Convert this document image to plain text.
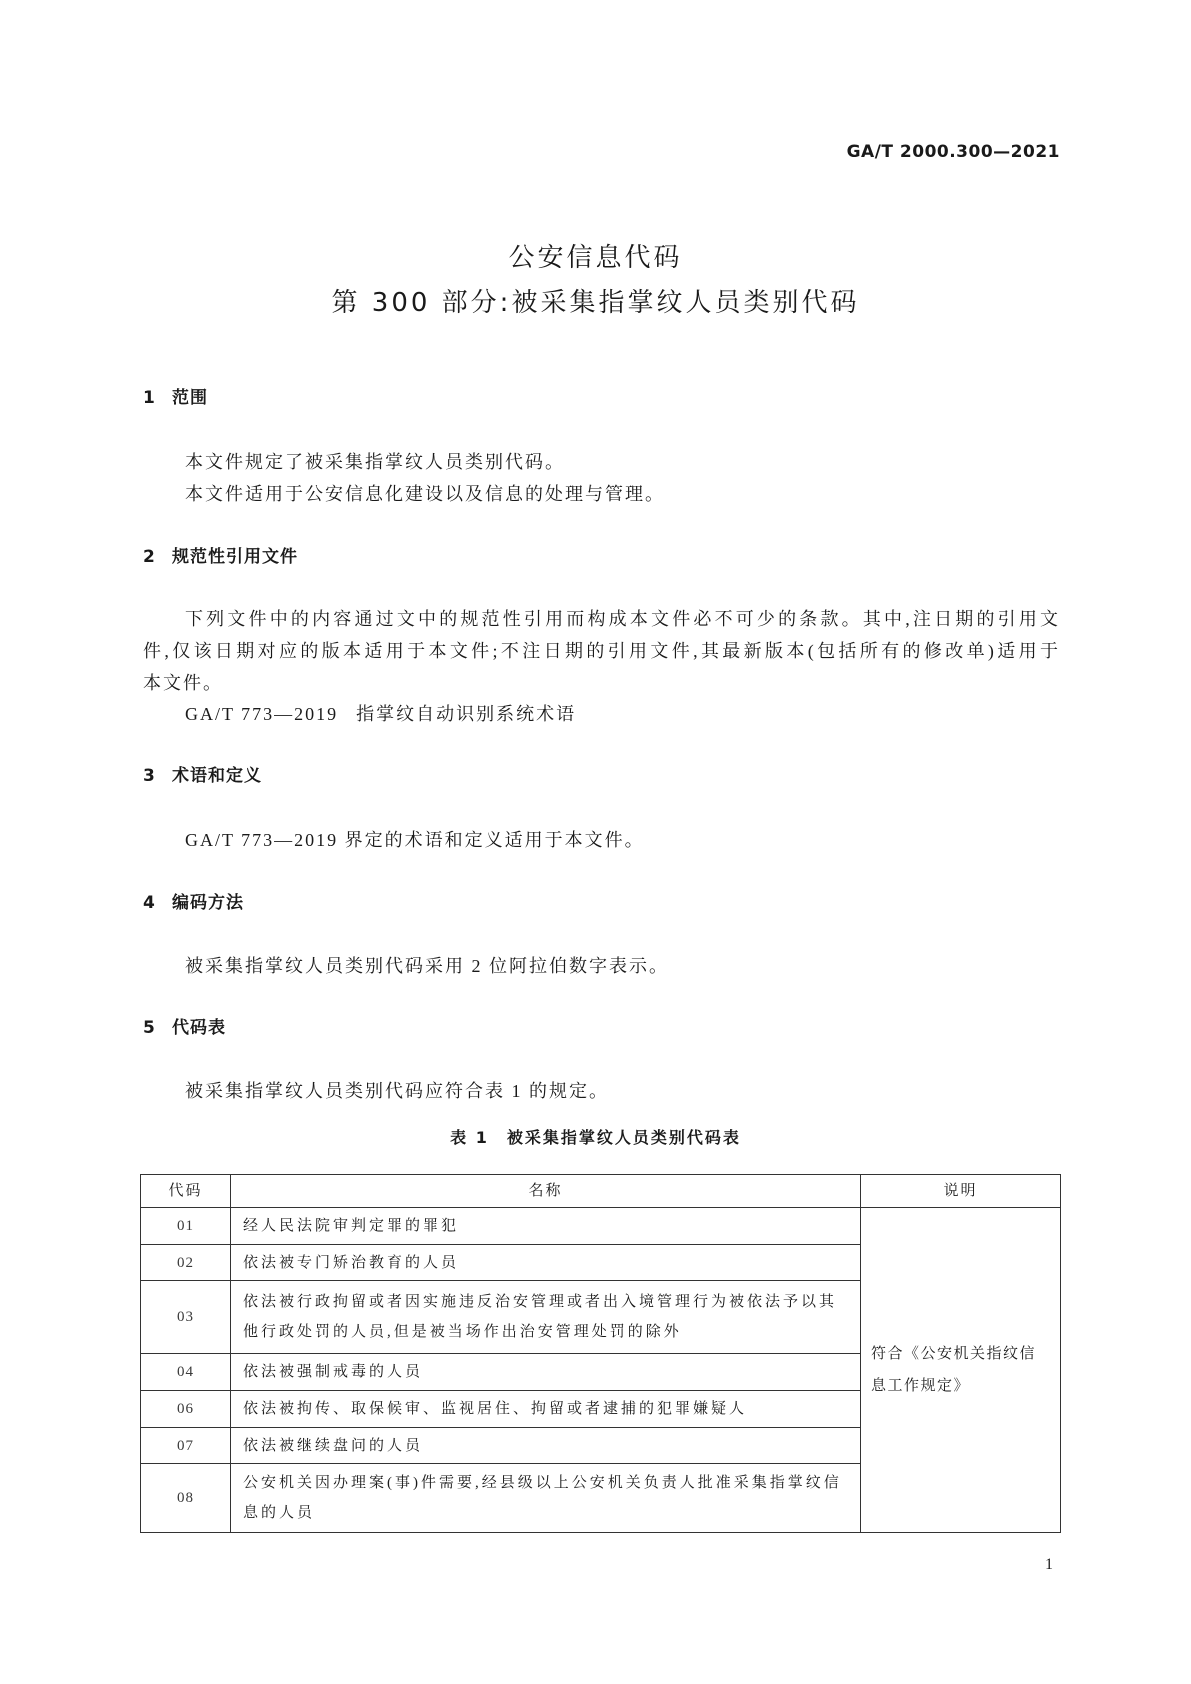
GA/T 2000.300—2021
公安信息代码
第 300 部分:被采集指掌纹人员类别代码
1 范围
本文件规定了被采集指掌纹人员类别代码。
本文件适用于公安信息化建设以及信息的处理与管理。
2 规范性引用文件
下列文件中的内容通过文中的规范性引用而构成本文件必不可少的条款。其中,注日期的引用文
件,仅该日期对应的版本适用于本文件;不注日期的引用文件,其最新版本(包括所有的修改单)适用于
本文件。
GA/T 773—2019 指掌纹自动识别系统术语
3 术语和定义
GA/T 773—2019 界定的术语和定义适用于本文件。
4 编码方法
被采集指掌纹人员类别代码采用 2 位阿拉伯数字表示。
5 代码表
被采集指掌纹人员类别代码应符合表 1 的规定。
表 1 被采集指掌纹人员类别代码表
代码	名称	说明
01	经人民法院审判定罪的罪犯	符合《公安机关指纹信
息工作规定》

02	依法被专门矫治教育的人员	

03	依法被行政拘留或者因实施违反治安管理或者出入境管理行为被依法予以其
他行政处罚的人员,但是被当场作出治安管理处罚的除外	

04	依法被强制戒毒的人员	

06	依法被拘传、取保候审、监视居住、拘留或者逮捕的犯罪嫌疑人	

07	依法被继续盘问的人员	

08	公安机关因办理案(事)件需要,经县级以上公安机关负责人批准采集指掌纹信
息的人员	
1
